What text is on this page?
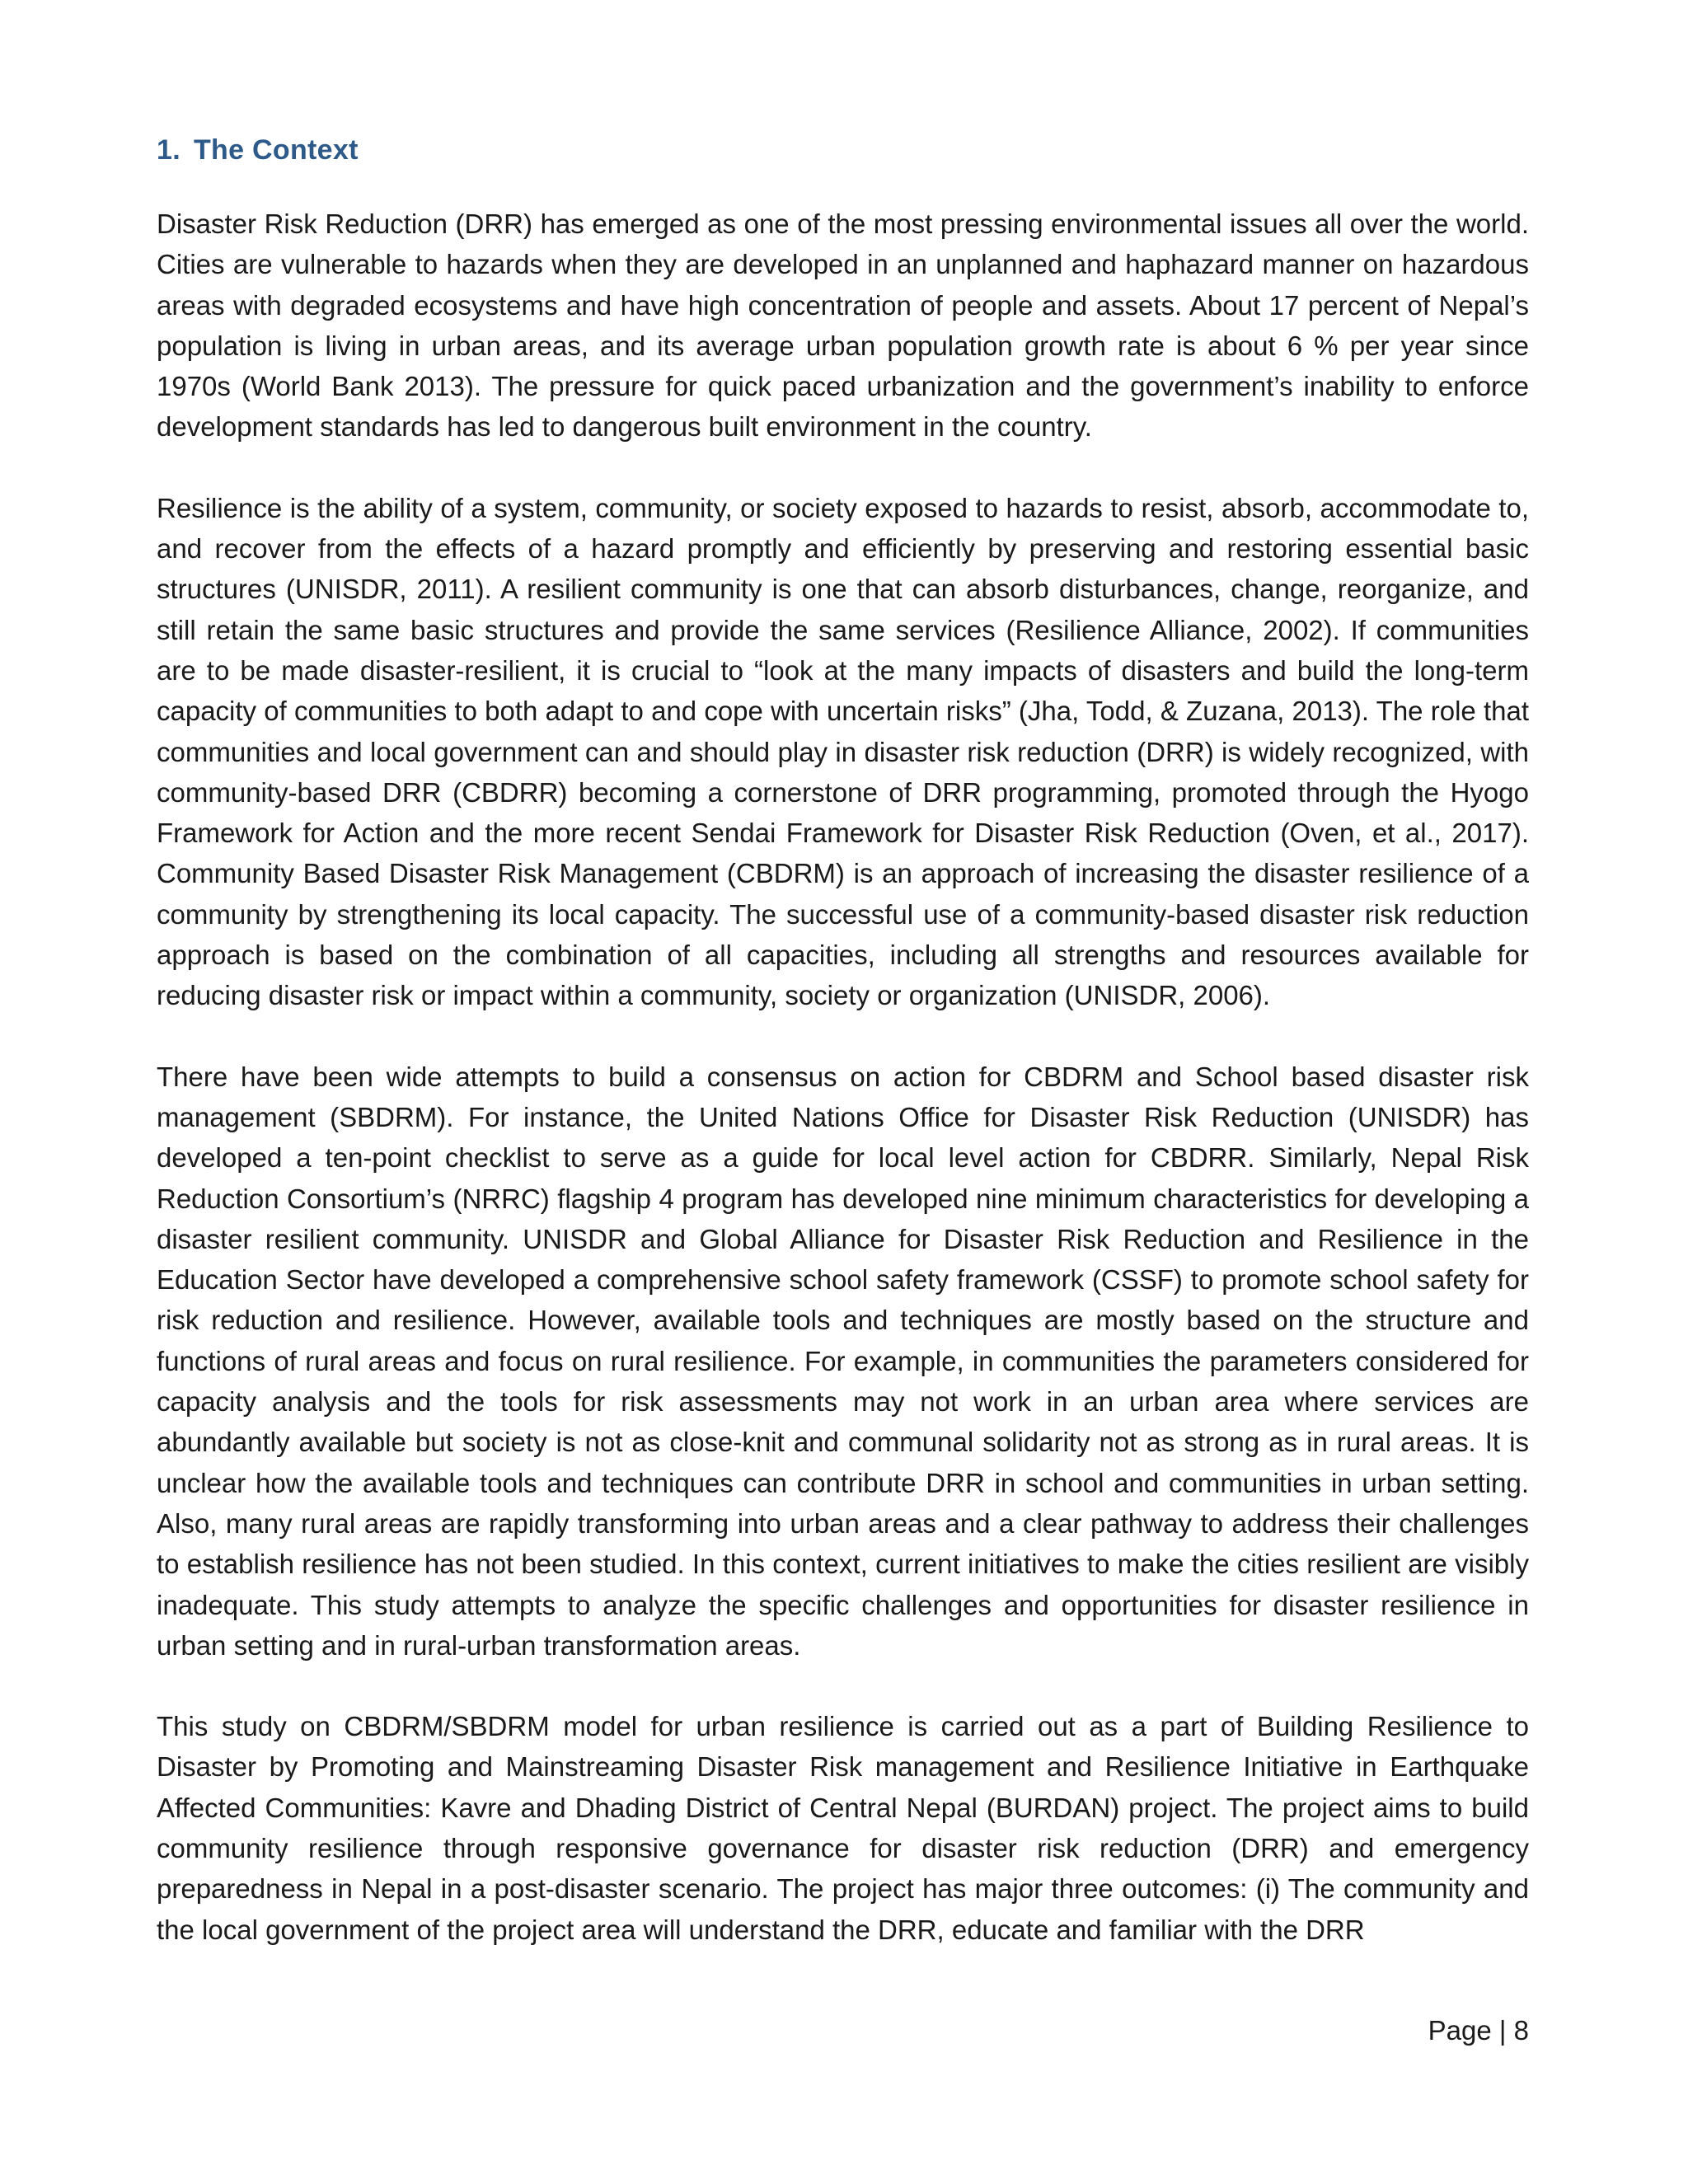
1. The Context

Disaster Risk Reduction (DRR) has emerged as one of the most pressing environmental issues all over the world. Cities are vulnerable to hazards when they are developed in an unplanned and haphazard manner on hazardous areas with degraded ecosystems and have high concentration of people and assets. About 17 percent of Nepal’s population is living in urban areas, and its average urban population growth rate is about 6 % per year since 1970s (World Bank 2013). The pressure for quick paced urbanization and the government’s inability to enforce development standards has led to dangerous built environment in the country.

Resilience is the ability of a system, community, or society exposed to hazards to resist, absorb, accommodate to, and recover from the effects of a hazard promptly and efficiently by preserving and restoring essential basic structures (UNISDR, 2011). A resilient community is one that can absorb disturbances, change, reorganize, and still retain the same basic structures and provide the same services (Resilience Alliance, 2002). If communities are to be made disaster-resilient, it is crucial to “look at the many impacts of disasters and build the long-term capacity of communities to both adapt to and cope with uncertain risks” (Jha, Todd, & Zuzana, 2013). The role that communities and local government can and should play in disaster risk reduction (DRR) is widely recognized, with community-based DRR (CBDRR) becoming a cornerstone of DRR programming, promoted through the Hyogo Framework for Action and the more recent Sendai Framework for Disaster Risk Reduction (Oven, et al., 2017). Community Based Disaster Risk Management (CBDRM) is an approach of increasing the disaster resilience of a community by strengthening its local capacity. The successful use of a community-based disaster risk reduction approach is based on the combination of all capacities, including all strengths and resources available for reducing disaster risk or impact within a community, society or organization (UNISDR, 2006).

There have been wide attempts to build a consensus on action for CBDRM and School based disaster risk management (SBDRM). For instance, the United Nations Office for Disaster Risk Reduction (UNISDR) has developed a ten-point checklist to serve as a guide for local level action for CBDRR. Similarly, Nepal Risk Reduction Consortium’s (NRRC) flagship 4 program has developed nine minimum characteristics for developing a disaster resilient community. UNISDR and Global Alliance for Disaster Risk Reduction and Resilience in the Education Sector have developed a comprehensive school safety framework (CSSF) to promote school safety for risk reduction and resilience. However, available tools and techniques are mostly based on the structure and functions of rural areas and focus on rural resilience. For example, in communities the parameters considered for capacity analysis and the tools for risk assessments may not work in an urban area where services are abundantly available but society is not as close-knit and communal solidarity not as strong as in rural areas. It is unclear how the available tools and techniques can contribute DRR in school and communities in urban setting. Also, many rural areas are rapidly transforming into urban areas and a clear pathway to address their challenges to establish resilience has not been studied. In this context, current initiatives to make the cities resilient are visibly inadequate. This study attempts to analyze the specific challenges and opportunities for disaster resilience in urban setting and in rural-urban transformation areas.

This study on CBDRM/SBDRM model for urban resilience is carried out as a part of Building Resilience to Disaster by Promoting and Mainstreaming Disaster Risk management and Resilience Initiative in Earthquake Affected Communities: Kavre and Dhading District of Central Nepal (BURDAN) project. The project aims to build community resilience through responsive governance for disaster risk reduction (DRR) and emergency preparedness in Nepal in a post-disaster scenario. The project has major three outcomes: (i) The community and the local government of the project area will understand the DRR, educate and familiar with the DRR

Page | 8
